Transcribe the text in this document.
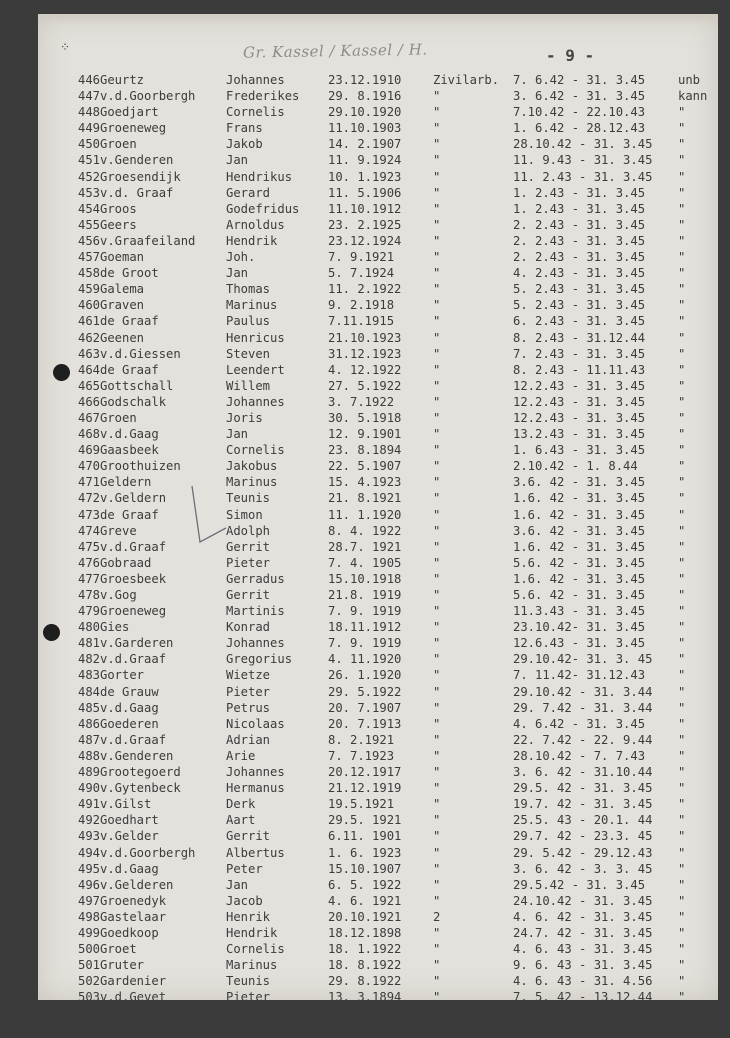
⁘	Gr. Kassel / Kassel / H.	- 9 -
446 Geurtz	Johannes	23.12.1910	Zivilarb. 7. 6.42 - 31. 3.45	unb
447 v.d.Goorbergh	Frederikes 29. 8.1916	"	3. 6.42 - 31. 3.45	kann
448 Goedjart	Cornelis	29.10.1920	"	7.10.42 - 22.10.43	"
449 Groeneweg	Frans	11.10.1903	"	1. 6.42 - 28.12.43	"
450 Groen	Jakob	14. 2.1907	"	28.10.42 - 31. 3.45 "
451 v.Genderen	Jan	11. 9.1924	"	11. 9.43 - 31. 3.45 "
452 Groesendijk	Hendrikus	10. 1.1923	"	11. 2.43 - 31. 3.45 "
453 v.d. Graaf	Gerard	11. 5.1906	"	1. 2.43 - 31. 3.45	"
454 Groos	Godefridus 11.10.1912	"	1. 2.43 - 31. 3.45	"
455 Geers	Arnoldus	23. 2.1925	"	2. 2.43 - 31. 3.45	"
456 v.Graafeiland	Hendrik	23.12.1924	"	2. 2.43 - 31. 3.45	"
457 Goeman	Joh.	7. 9.1921	"	2. 2.43 - 31. 3.45	"
458 de Groot	Jan	5. 7.1924	"	4. 2.43 - 31. 3.45	"
459 Galema	Thomas	11. 2.1922	"	5. 2.43 - 31. 3.45	"
460 Graven	Marinus	9. 2.1918	"	5. 2.43 - 31. 3.45	"
461 de Graaf	Paulus	7.11.1915	"	6. 2.43 - 31. 3.45	"
462 Geenen	Henricus	21.10.1923	"	8. 2.43 - 31.12.44	"
463 v.d.Giessen	Steven	31.12.1923	"	7. 2.43 - 31. 3.45	"
464 de Graaf	Leendert	4. 12.1922	"	8. 2.43 - 11.11.43	"
465 Gottschall	Willem	27. 5.1922	"	12.2.43 - 31. 3.45	"
466 Godschalk	Johannes	3. 7.1922	"	12.2.43 - 31. 3.45	"
467 Groen	Joris	30. 5.1918	"	12.2.43 - 31. 3.45	"
468 v.d.Gaag	Jan	12. 9.1901	"	13.2.43 - 31. 3.45	"
469 Gaasbeek	Cornelis	23. 8.1894	"	1. 6.43 - 31. 3.45	"
470 Groothuizen	Jakobus	22. 5.1907	"	2.10.42 - 1. 8.44	"
471 Geldern	Marinus	15. 4.1923	"	3.6. 42 - 31. 3.45	"
472 v.Geldern	Teunis	21. 8.1921	"	1.6. 42 - 31. 3.45	"
473 de Graaf	Simon	11. 1.1920	"	1.6. 42 - 31. 3.45	"
474 Greve	Adolph	8. 4. 1922	"	3.6. 42 - 31. 3.45	"
475 v.d.Graaf	Gerrit	28.7. 1921	"	1.6. 42 - 31. 3.45	"
476 Gobraad	Pieter	7. 4. 1905	"	5.6. 42 - 31. 3.45	"
477 Groesbeek	Gerradus	15.10.1918	"	1.6. 42 - 31. 3.45	"
478 v.Gog	Gerrit	21.8. 1919	"	5.6. 42 - 31. 3.45	"
479 Groeneweg	Martinis	7. 9. 1919	"	11.3.43 - 31. 3.45	"
480 Gies	Konrad	18.11.1912	"	23.10.42- 31. 3.45	"
481 v.Garderen	Johannes	7. 9. 1919	"	12.6.43 - 31. 3.45	"
482 v.d.Graaf	Gregorius	4. 11.1920	"	29.10.42- 31. 3. 45 "
483 Gorter	Wietze	26. 1.1920	"	7. 11.42- 31.12.43	"
484 de Grauw	Pieter	29. 5.1922	"	29.10.42 - 31. 3.44 "
485 v.d.Gaag	Petrus	20. 7.1907	"	29. 7.42 - 31. 3.44 "
486 Goederen	Nicolaas	20. 7.1913	"	4. 6.42 - 31. 3.45	"
487 v.d.Graaf	Adrian	8. 2.1921	"	22. 7.42 - 22. 9.44 "
488 v.Genderen	Arie	7. 7.1923	"	28.10.42 - 7. 7.43	"
489 Grootegoerd	Johannes	20.12.1917	"	3. 6. 42 - 31.10.44 "
490 v.Gytenbeck	Hermanus	21.12.1919	"	29.5. 42 - 31. 3.45 "
491 v.Gilst	Derk	19.5.1921	"	19.7. 42 - 31. 3.45 "
492 Goedhart	Aart	29.5. 1921	"	25.5. 43 - 20.1. 44 "
493 v.Gelder	Gerrit	6.11. 1901	"	29.7. 42 - 23.3. 45 "
494 v.d.Goorbergh	Albertus	1. 6. 1923	"	29. 5.42 - 29.12.43 "
495 v.d.Gaag	Peter	15.10.1907	"	3. 6. 42 - 3. 3. 45 "
496 v.Gelderen	Jan	6. 5. 1922	"	29.5.42 - 31. 3.45	"
497 Groenedyk	Jacob	4. 6. 1921	"	24.10.42 - 31. 3.45 "
498 Gastelaar	Henrik	20.10.1921	2	4. 6. 42 - 31. 3.45 "
499 Goedkoop	Hendrik	18.12.1898	"	24.7. 42 - 31. 3.45 "
500 Groet	Cornelis	18. 1.1922	"	4. 6. 43 - 31. 3.45 "
501 Gruter	Marinus	18. 8.1922	"	9. 6. 43 - 31. 3.45 "
502 Gardenier	Teunis	29. 8.1922	"	4. 6. 43 - 31. 4.56 "
503 v.d.Gevet	Pieter	13. 3.1894	"	7. 5. 42 - 13.12.44 "
504 de Gans	Arend	11. 8.1924	"	3. 6. 42 - 31. 3.45 "
26.6. 42 - 31. 3.45 "
